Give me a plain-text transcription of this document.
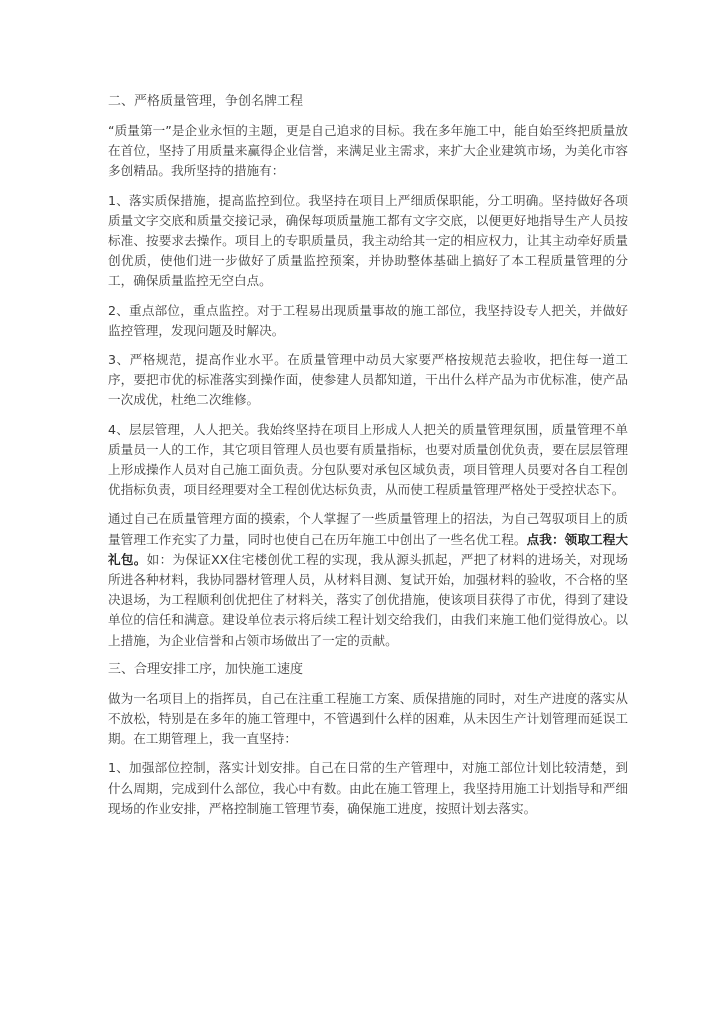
二、严格质量管理，争创名牌工程
“质量第一”是企业永恒的主题，更是自己追求的目标。我在多年施工中，能自始至终把质量放在首位，坚持了用质量来赢得企业信誉，来满足业主需求，来扩大企业建筑市场，为美化市容多创精品。我所坚持的措施有：
1、落实质保措施，提高监控到位。我坚持在项目上严细质保职能，分工明确。坚持做好各项质量文字交底和质量交接记录，确保每项质量施工都有文字交底，以便更好地指导生产人员按标准、按要求去操作。项目上的专职质量员，我主动给其一定的相应权力，让其主动牵好质量创优质，使他们进一步做好了质量监控预案，并协助整体基础上搞好了本工程质量管理的分工，确保质量监控无空白点。
2、重点部位，重点监控。对于工程易出现质量事故的施工部位，我坚持设专人把关，并做好监控管理，发现问题及时解决。
3、严格规范，提高作业水平。在质量管理中动员大家要严格按规范去验收，把住每一道工序，要把市优的标准落实到操作面，使参建人员都知道，干出什么样产品为市优标准，使产品一次成优，杜绝二次维修。
4、层层管理，人人把关。我始终坚持在项目上形成人人把关的质量管理氛围，质量管理不单质量员一人的工作，其它项目管理人员也要有质量指标，也要对质量创优负责，要在层层管理上形成操作人员对自己施工面负责。分包队要对承包区域负责，项目管理人员要对各自工程创优指标负责，项目经理要对全工程创优达标负责，从而使工程质量管理严格处于受控状态下。
通过自己在质量管理方面的摸索，个人掌握了一些质量管理上的招法，为自己驾驭项目上的质量管理工作充实了力量，同时也使自己在历年施工中创出了一些名优工程。点我：领取工程大礼包。如：为保证XX住宅楼创优工程的实现，我从源头抓起，严把了材料的进场关，对现场所进各种材料，我协同器材管理人员，从材料目测、复试开始，加强材料的验收，不合格的坚决退场，为工程顺利创优把住了材料关，落实了创优措施，使该项目获得了市优，得到了建设单位的信任和满意。建设单位表示将后续工程计划交给我们，由我们来施工他们觉得放心。以上措施，为企业信誉和占领市场做出了一定的贡献。
三、合理安排工序，加快施工速度
做为一名项目上的指挥员，自己在注重工程施工方案、质保措施的同时，对生产进度的落实从不放松，特别是在多年的施工管理中，不管遇到什么样的困难，从未因生产计划管理而延误工期。在工期管理上，我一直坚持：
1、加强部位控制，落实计划安排。自己在日常的生产管理中，对施工部位计划比较清楚，到什么周期，完成到什么部位，我心中有数。由此在施工管理上，我坚持用施工计划指导和严细现场的作业安排，严格控制施工管理节奏，确保施工进度，按照计划去落实。
